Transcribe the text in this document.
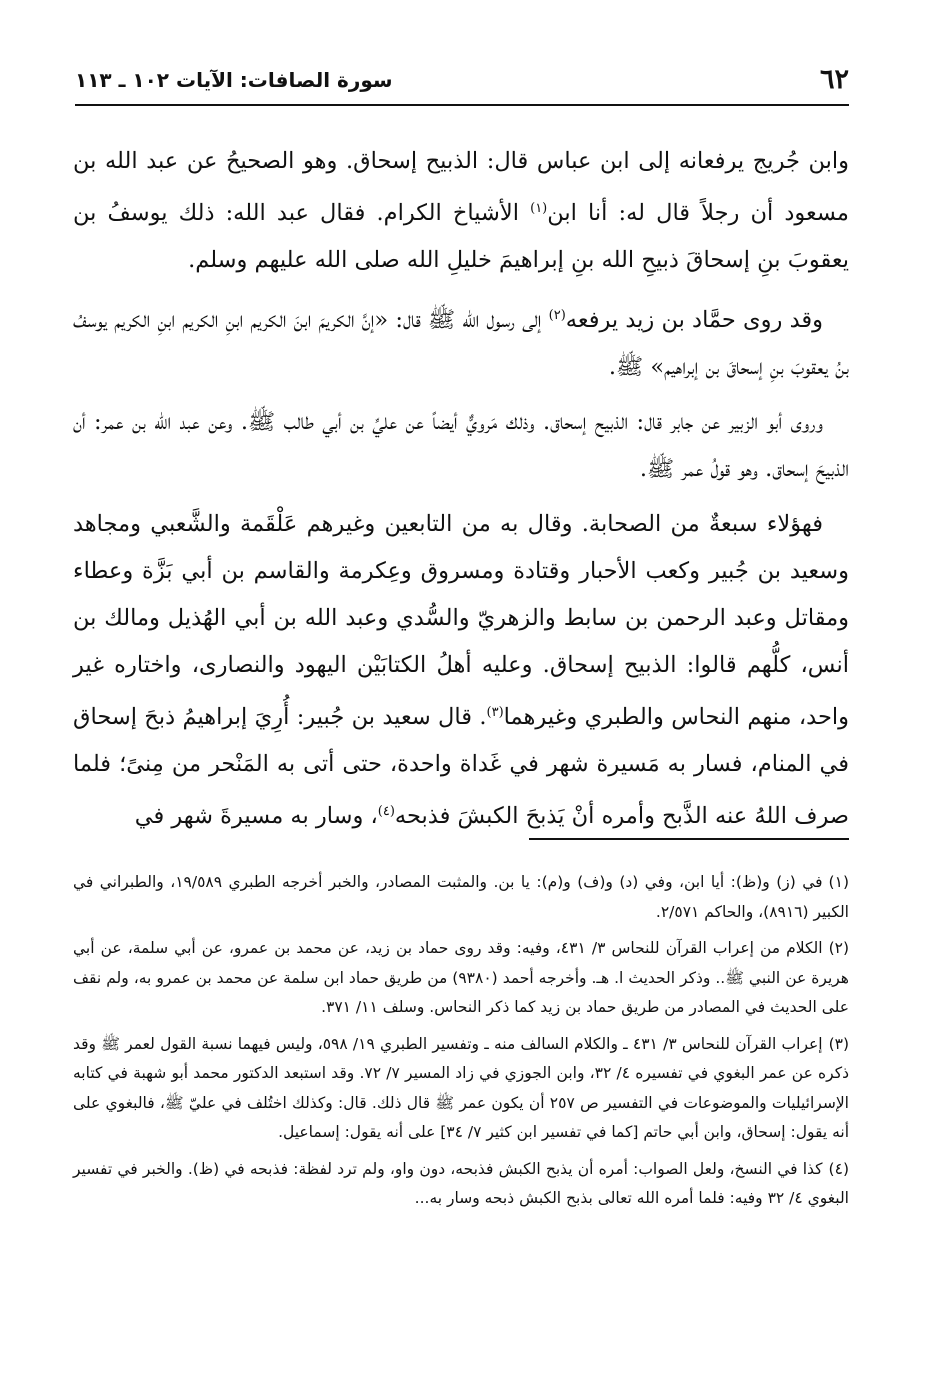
٦٢
سورة الصافات: الآيات ١٠٢ ـ ١١٣

وابن جُريج يرفعانه إلى ابن عباس قال: الذبيح إسحاق. وهو الصحيحُ عن عبد الله بن مسعود أن رجلاً قال له: أنا ابن$^{(١)}$ الأشياخ الكرام. فقال عبد الله: ذلك يوسفُ بن يعقوبَ بنِ إسحاقَ ذبيحِ الله بنِ إبراهيمَ خليلِ الله صلى الله عليهم وسلم.

وقد روى حمَّاد بن زيد يرفعه$^{(٢)}$ إلى رسول الله ﷺ قال: «إنَّ الكريمَ ابنَ الكريم ابنِ الكريم ابنِ الكريم يوسفُ بنُ يعقوبَ بنِ إسحاقَ بن إبراهيم» ﷺ.

وروى أبو الزبير عن جابر قال: الذبيح إسحاق. وذلك مَرويٌّ أيضاً عن عليِّ بن أبي طالب ﷺ. وعن عبد الله بن عمر: أن الذبيحَ إسحاق. وهو قولُ عمر ﷺ.

فهؤلاء سبعةٌ من الصحابة. وقال به من التابعين وغيرهم عَلْقَمة والشَّعبي ومجاهد وسعيد بن جُبير وكعب الأحبار وقتادة ومسروق وعِكرمة والقاسم بن أبي بَزَّة وعطاء ومقاتل وعبد الرحمن بن سابط والزهريّ والسُّدي وعبد الله بن أبي الهُذيل ومالك بن أنس، كلُّهم قالوا: الذبيح إسحاق. وعليه أهلُ الكتابَيْن اليهود والنصارى، واختاره غير واحد، منهم النحاس والطبري وغيرهما$^{(٣)}$. قال سعيد بن جُبير: أُرِيَ إبراهيمُ ذبحَ إسحاق في المنام، فسار به مَسيرة شهر في غَداة واحدة، حتى أتى به المَنْحر من مِنىً؛ فلما صرف اللهُ عنه الذَّبح وأمره أنْ يَذبحَ الكبشَ فذبحه$^{(٤)}$، وسار به مسيرةَ شهر في

(١)في (ز) و(ظ): أيا ابن، وفي (د) و(ف) و(م): يا بن. والمثبت المصادر، والخبر أخرجه الطبري ١٩/٥٨٩، والطبراني في الكبير (٨٩١٦)، والحاكم ٢/٥٧١.
(٢)الكلام من إعراب القرآن للنحاس ٣/ ٤٣١، وفيه: وقد روى حماد بن زيد، عن محمد بن عمرو، عن أبي سلمة، عن أبي هريرة عن النبي ﷺ.. وذكر الحديث ا. هـ. وأخرجه أحمد (٩٣٨٠) من طريق حماد ابن سلمة عن محمد بن عمرو به، ولم نقف على الحديث في المصادر من طريق حماد بن زيد كما ذكر النحاس. وسلف ١١/ ٣٧١.
(٣)إعراب القرآن للنحاس ٣/ ٤٣١ ـ والكلام السالف منه ـ وتفسير الطبري ١٩/ ٥٩٨، وليس فيهما نسبة القول لعمر ﷺ وقد ذكره عن عمر البغوي في تفسيره ٤/ ٣٢، وابن الجوزي في زاد المسير ٧/ ٧٢. وقد استبعد الدكتور محمد أبو شهبة في كتابه الإسرائيليات والموضوعات في التفسير ص ٢٥٧ أن يكون عمر ﷺ قال ذلك. قال: وكذلك اختُلف في عليّ ﷺ، فالبغوي على أنه يقول: إسحاق، وابن أبي حاتم [كما في تفسير ابن كثير ٧/ ٣٤] على أنه يقول: إسماعيل.
(٤)كذا في النسخ، ولعل الصواب: أمره أن يذبح الكبش فذبحه، دون واو، ولم ترد لفظة: فذبحه في (ظ). والخبر في تفسير البغوي ٤/ ٣٢ وفيه: فلما أمره الله تعالى بذبح الكبش ذبحه وسار به...
